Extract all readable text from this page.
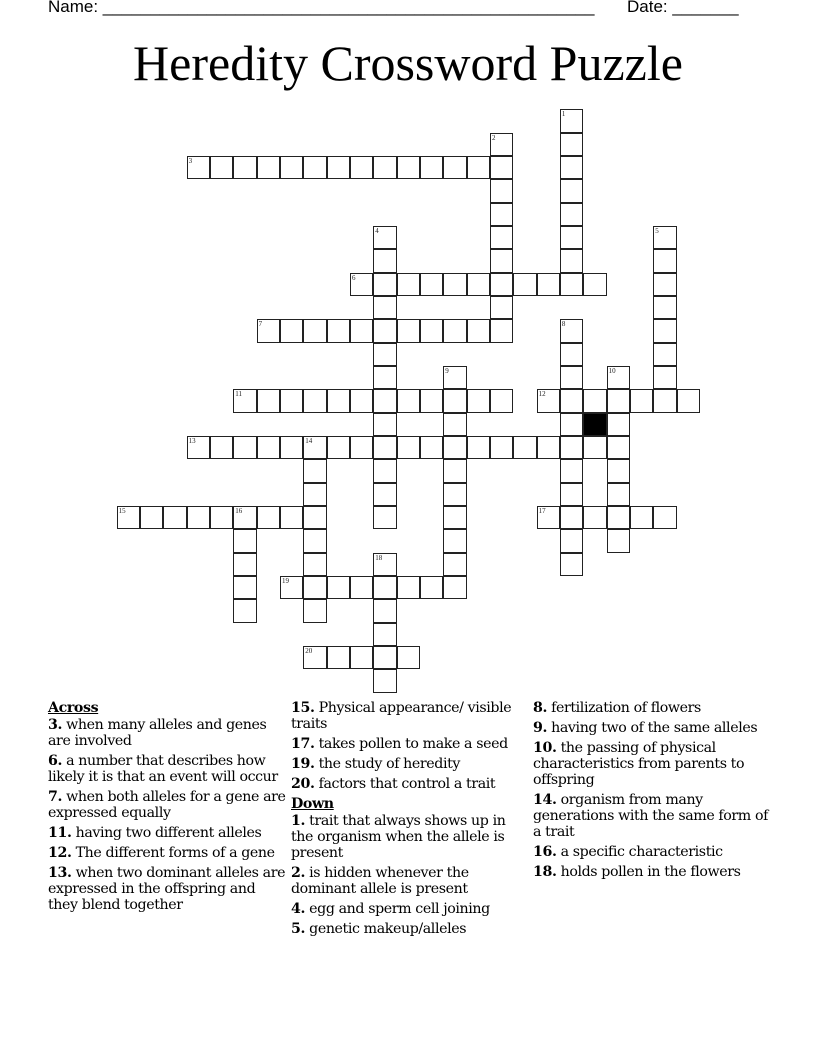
Name: ____________________________________________________ Date: _______
Heredity Crossword Puzzle
1
2
3
4	5
6
7	8
9	10
11	12
13	14
15	16	17
18
19
20
Across
3. when many alleles and genes are involved
6. a number that describes how likely it is that an event will occur
7. when both alleles for a gene are expressed equally
11. having two different alleles
12. The different forms of a gene
13. when two dominant alleles are expressed in the offspring and they blend together
15. Physical appearance/ visible traits
17. takes pollen to make a seed
19. the study of heredity
20. factors that control a trait
Down
1. trait that always shows up in the organism when the allele is present
2. is hidden whenever the dominant allele is present
4. egg and sperm cell joining
5. genetic makeup/alleles
8. fertilization of flowers
9. having two of the same alleles
10. the passing of physical characteristics from parents to offspring
14. organism from many generations with the same form of a trait
16. a specific characteristic
18. holds pollen in the flowers
